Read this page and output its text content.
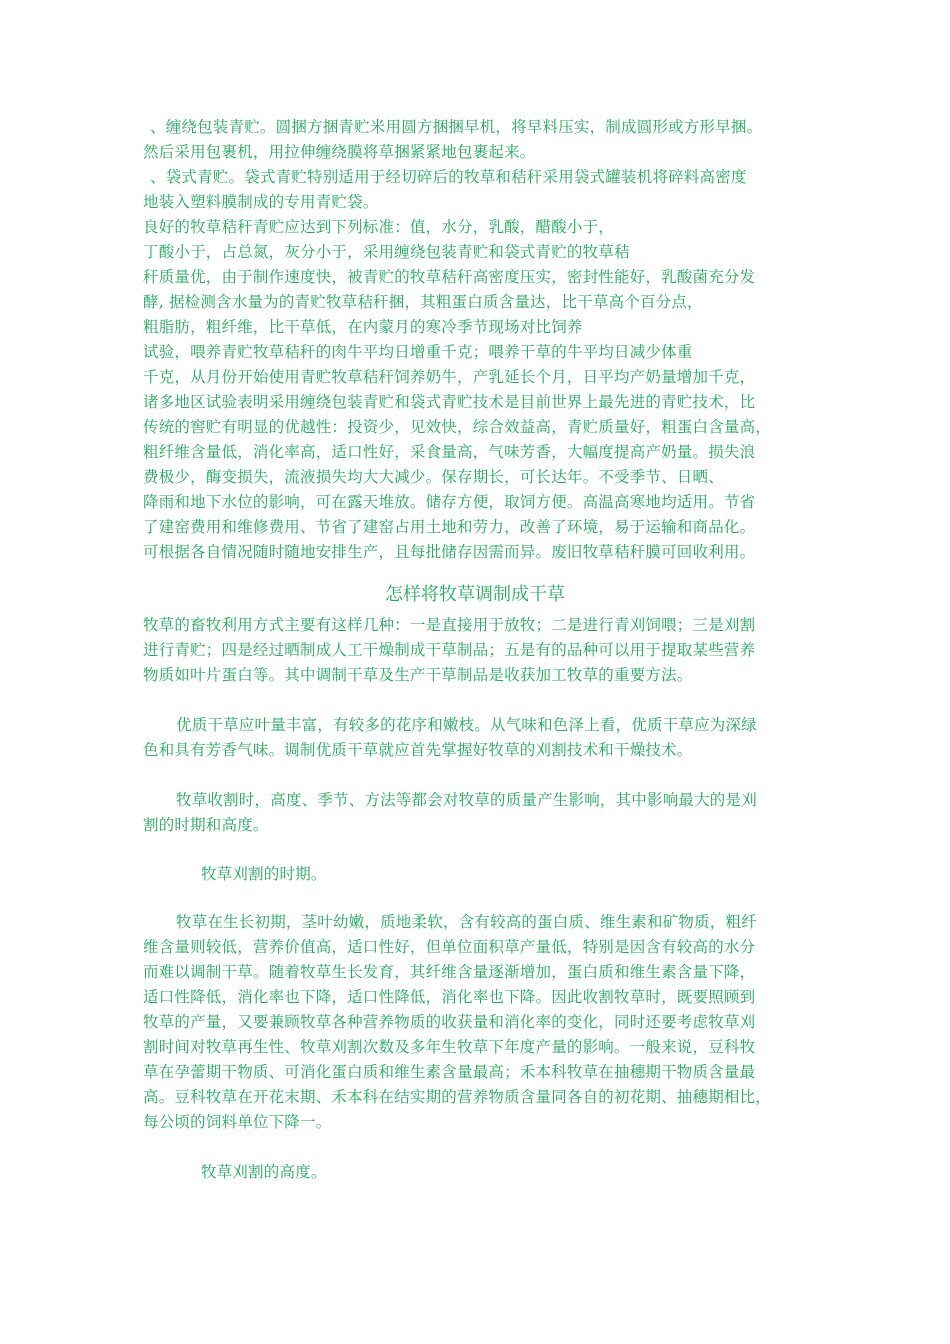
、缠绕包装青贮。圆捆方捆青贮米用圆方捆捆早机，将早料压实，制成圆形或方形早捆。
然后采用包裹机，用拉伸缠绕膜将草捆紧紧地包裹起来。
、袋式青贮。袋式青贮特别适用于经切碎后的牧草和秸秆采用袋式罐装机将碎料高密度
地装入塑料膜制成的专用青贮袋。
良好的牧草秸秆青贮应达到下列标准：值，水分，乳酸，醋酸小于，
丁酸小于，占总氮，灰分小于，采用缠绕包装青贮和袋式青贮的牧草秸
秆质量优，由于制作速度快，被青贮的牧草秸秆高密度压实，密封性能好，乳酸菌充分发
酵, 据检测含水量为的青贮牧草秸秆捆，其粗蛋白质含量达，比干草高个百分点，
粗脂肪，粗纤维，比干草低，在内蒙月的寒冷季节现场对比饲养
试验，喂养青贮牧草秸秆的肉牛平均日增重千克；喂养干草的牛平均日减少体重
千克，从月份开始使用青贮牧草秸秆饲养奶牛，产乳延长个月，日平均产奶量增加千克，
诸多地区试验表明采用缠绕包装青贮和袋式青贮技术是目前世界上最先进的青贮技术，比
传统的窖贮有明显的优越性：投资少，见效快，综合效益高，青贮质量好，粗蛋白含量高，
粗纤维含量低，消化率高，适口性好，采食量高，气味芳香，大幅度提高产奶量。损失浪
费极少，酶变损失，流液损失均大大减少。保存期长，可长达年。不受季节、日晒、
降雨和地下水位的影响，可在露天堆放。储存方便，取饲方便。高温高寒地均适用。节省
了建窑费用和维修费用、节省了建窑占用土地和劳力，改善了环境，易于运输和商品化。
可根据各自情况随时随地安排生产，且每批储存因需而异。废旧牧草秸秆膜可回收利用。
怎样将牧草调制成干草
牧草的畜牧利用方式主要有这样几种：一是直接用于放牧；二是进行青刈饲喂；三是刈割
进行青贮；四是经过晒制成人工干燥制成干草制品；五是有的品种可以用于提取某些营养
物质如叶片蛋白等。其中调制干草及生产干草制品是收获加工牧草的重要方法。
优质干草应叶量丰富，有较多的花序和嫩枝。从气味和色泽上看，优质干草应为深绿
色和具有芳香气味。调制优质干草就应首先掌握好牧草的刈割技术和干燥技术。
牧草收割时，高度、季节、方法等都会对牧草的质量产生影响，其中影响最大的是刈
割的时期和高度。
牧草刈割的时期。
牧草在生长初期，茎叶幼嫩，质地柔软，含有较高的蛋白质、维生素和矿物质，粗纤
维含量则较低，营养价值高，适口性好，但单位面积草产量低，特别是因含有较高的水分
而难以调制干草。随着牧草生长发育，其纤维含量逐渐增加，蛋白质和维生素含量下降，
适口性降低，消化率也下降，适口性降低，消化率也下降。因此收割牧草时，既要照顾到
牧草的产量，又要兼顾牧草各种营养物质的收获量和消化率的变化，同时还要考虑牧草刈
割时间对牧草再生性、牧草刈割次数及多年生牧草下年度产量的影响。一般来说，豆科牧
草在孕蕾期干物质、可消化蛋白质和维生素含量最高；禾本科牧草在抽穗期干物质含量最
高。豆科牧草在开花末期、禾本科在结实期的营养物质含量同各自的初花期、抽穗期相比，
每公顷的饲料单位下降一。
牧草刈割的高度。
